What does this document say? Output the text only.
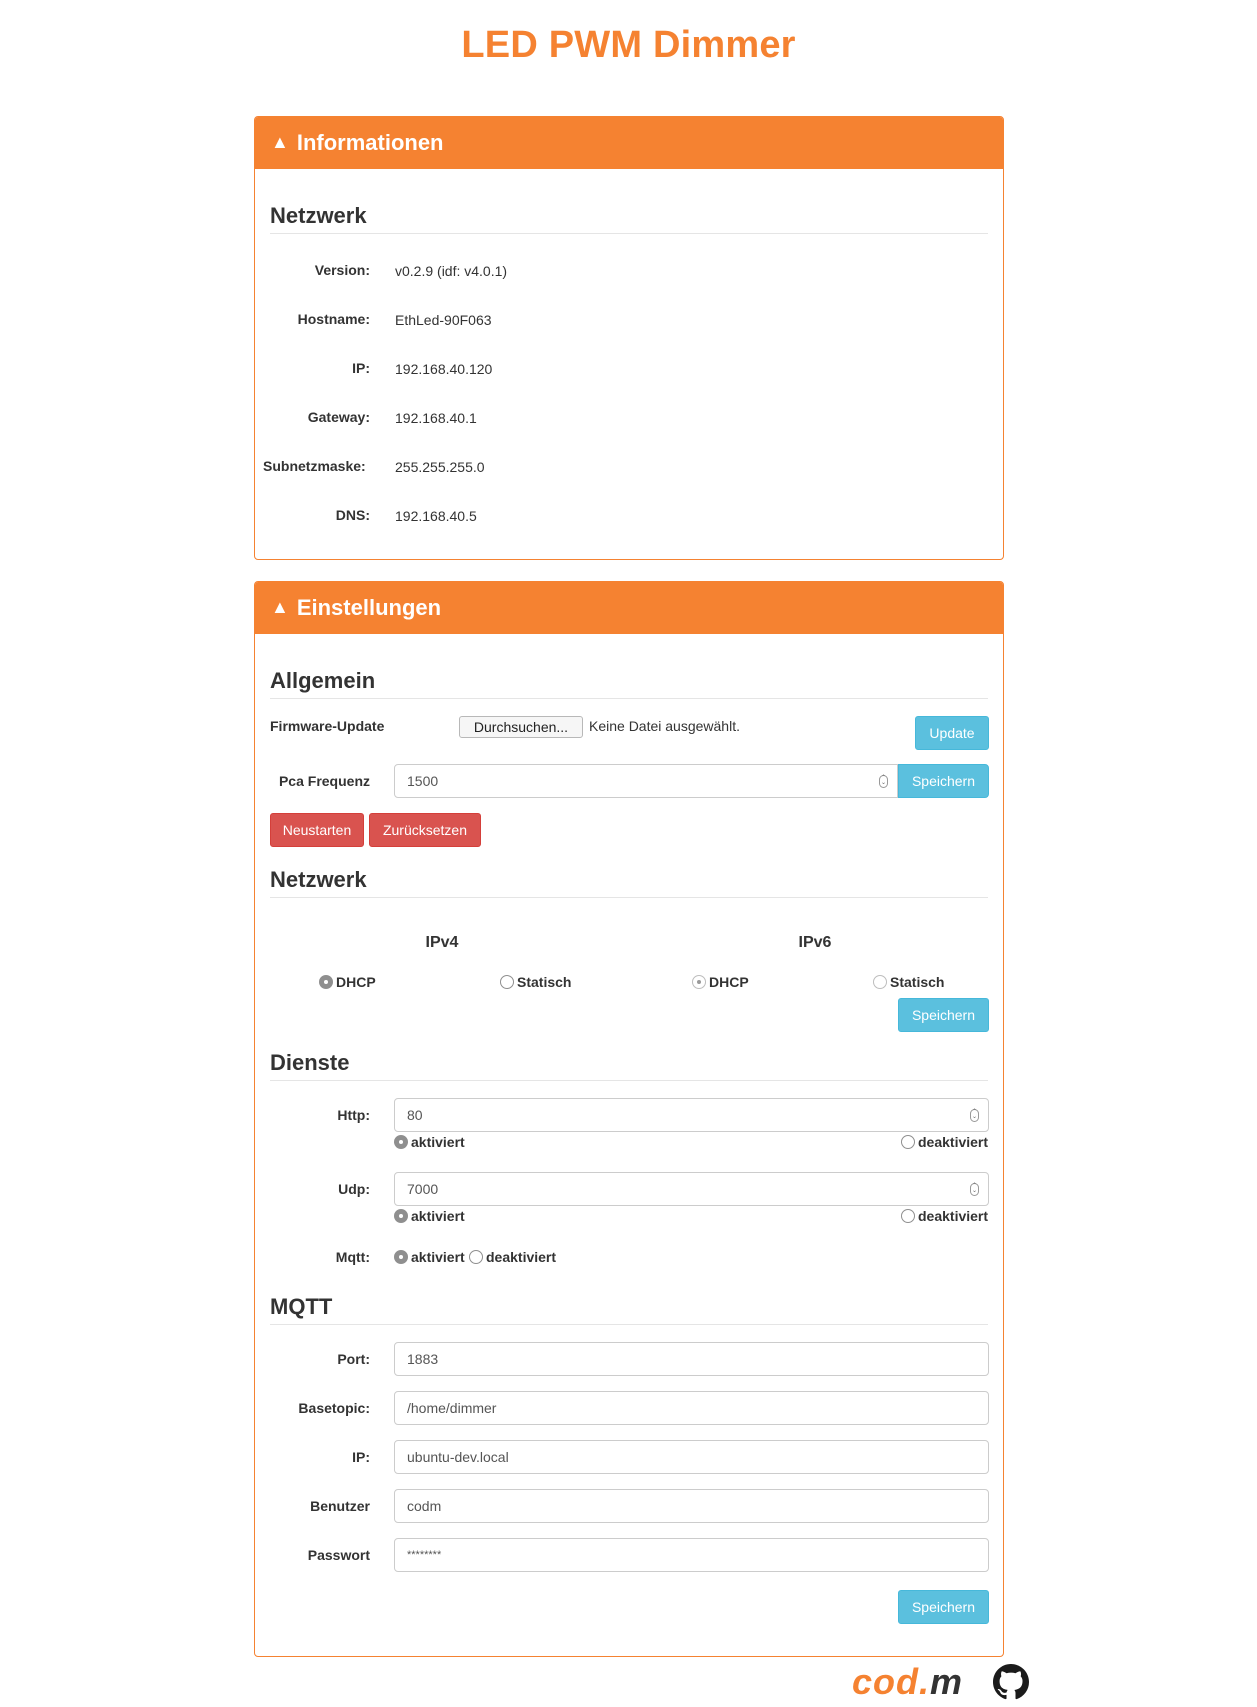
LED PWM Dimmer
▲ Informationen
Netzwerk
Version: v0.2.9 (idf: v4.0.1)
Hostname: EthLed-90F063
IP: 192.168.40.120
Gateway: 192.168.40.1
Subnetzmaske:	255.255.255.0
DNS: 192.168.40.5
▲ Einstellungen
Allgemein
Firmware-Update	Durchsuchen...	Keine Datei ausgewählt.	Update
Pca Frequenz	1500	⌃
⌄	Speichern
Neustarten	Zurücksetzen
Netzwerk
IPv4	IPv6
DHCP	Statisch	DHCP	Statisch
Speichern
Dienste
Http:	80	⌃
⌄
aktiviert	deaktiviert
Udp:	7000	⌃
⌄
aktiviert	deaktiviert
Mqtt:	aktiviert deaktiviert
MQTT
Port:	1883
Basetopic:	/home/dimmer
IP:	ubuntu-dev.local
Benutzer	codm
Passwort	********
Speichern
cod.m
